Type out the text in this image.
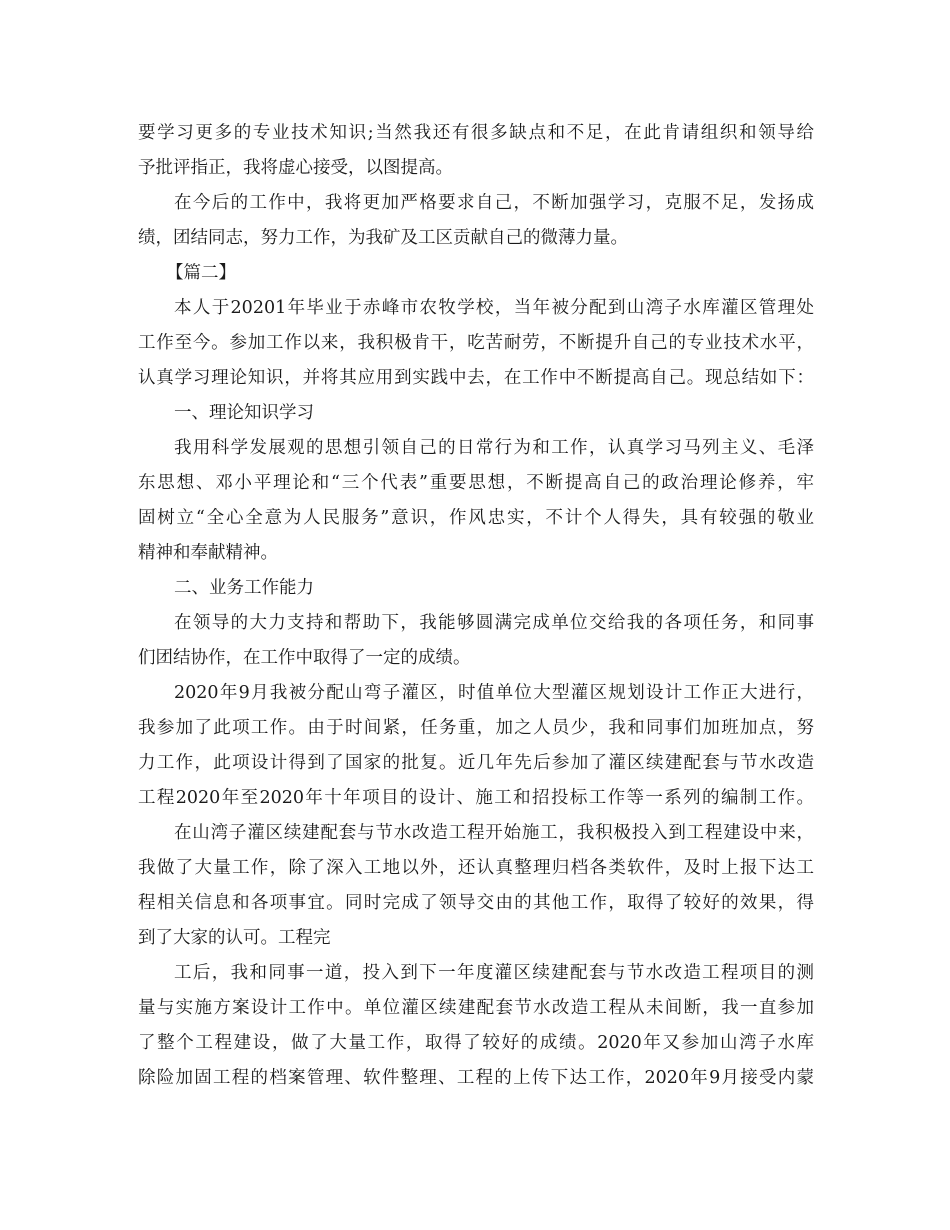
要学习更多的专业技术知识;当然我还有很多缺点和不足，在此肯请组织和领导给
予批评指正，我将虚心接受，以图提高。
在今后的工作中，我将更加严格要求自己，不断加强学习，克服不足，发扬成
绩，团结同志，努力工作，为我矿及工区贡献自己的微薄力量。
【篇二】
本人于20201年毕业于赤峰市农牧学校，当年被分配到山湾子水库灌区管理处
工作至今。参加工作以来，我积极肯干，吃苦耐劳，不断提升自己的专业技术水平，
认真学习理论知识，并将其应用到实践中去，在工作中不断提高自己。现总结如下：
一、理论知识学习
我用科学发展观的思想引领自己的日常行为和工作，认真学习马列主义、毛泽
东思想、邓小平理论和“三个代表”重要思想，不断提高自己的政治理论修养，牢
固树立“全心全意为人民服务”意识，作风忠实，不计个人得失，具有较强的敬业
精神和奉献精神。
二、业务工作能力
在领导的大力支持和帮助下，我能够圆满完成单位交给我的各项任务，和同事
们团结协作，在工作中取得了一定的成绩。
2020年9月我被分配山弯子灌区，时值单位大型灌区规划设计工作正大进行，
我参加了此项工作。由于时间紧，任务重，加之人员少，我和同事们加班加点，努
力工作，此项设计得到了国家的批复。近几年先后参加了灌区续建配套与节水改造
工程2020年至2020年十年项目的设计、施工和招投标工作等一系列的编制工作。
在山湾子灌区续建配套与节水改造工程开始施工，我积极投入到工程建设中来，
我做了大量工作，除了深入工地以外，还认真整理归档各类软件，及时上报下达工
程相关信息和各项事宜。同时完成了领导交由的其他工作，取得了较好的效果，得
到了大家的认可。工程完
工后，我和同事一道，投入到下一年度灌区续建配套与节水改造工程项目的测
量与实施方案设计工作中。单位灌区续建配套节水改造工程从未间断，我一直参加
了整个工程建设，做了大量工作，取得了较好的成绩。2020年又参加山湾子水库
除险加固工程的档案管理、软件整理、工程的上传下达工作，2020年9月接受内蒙
